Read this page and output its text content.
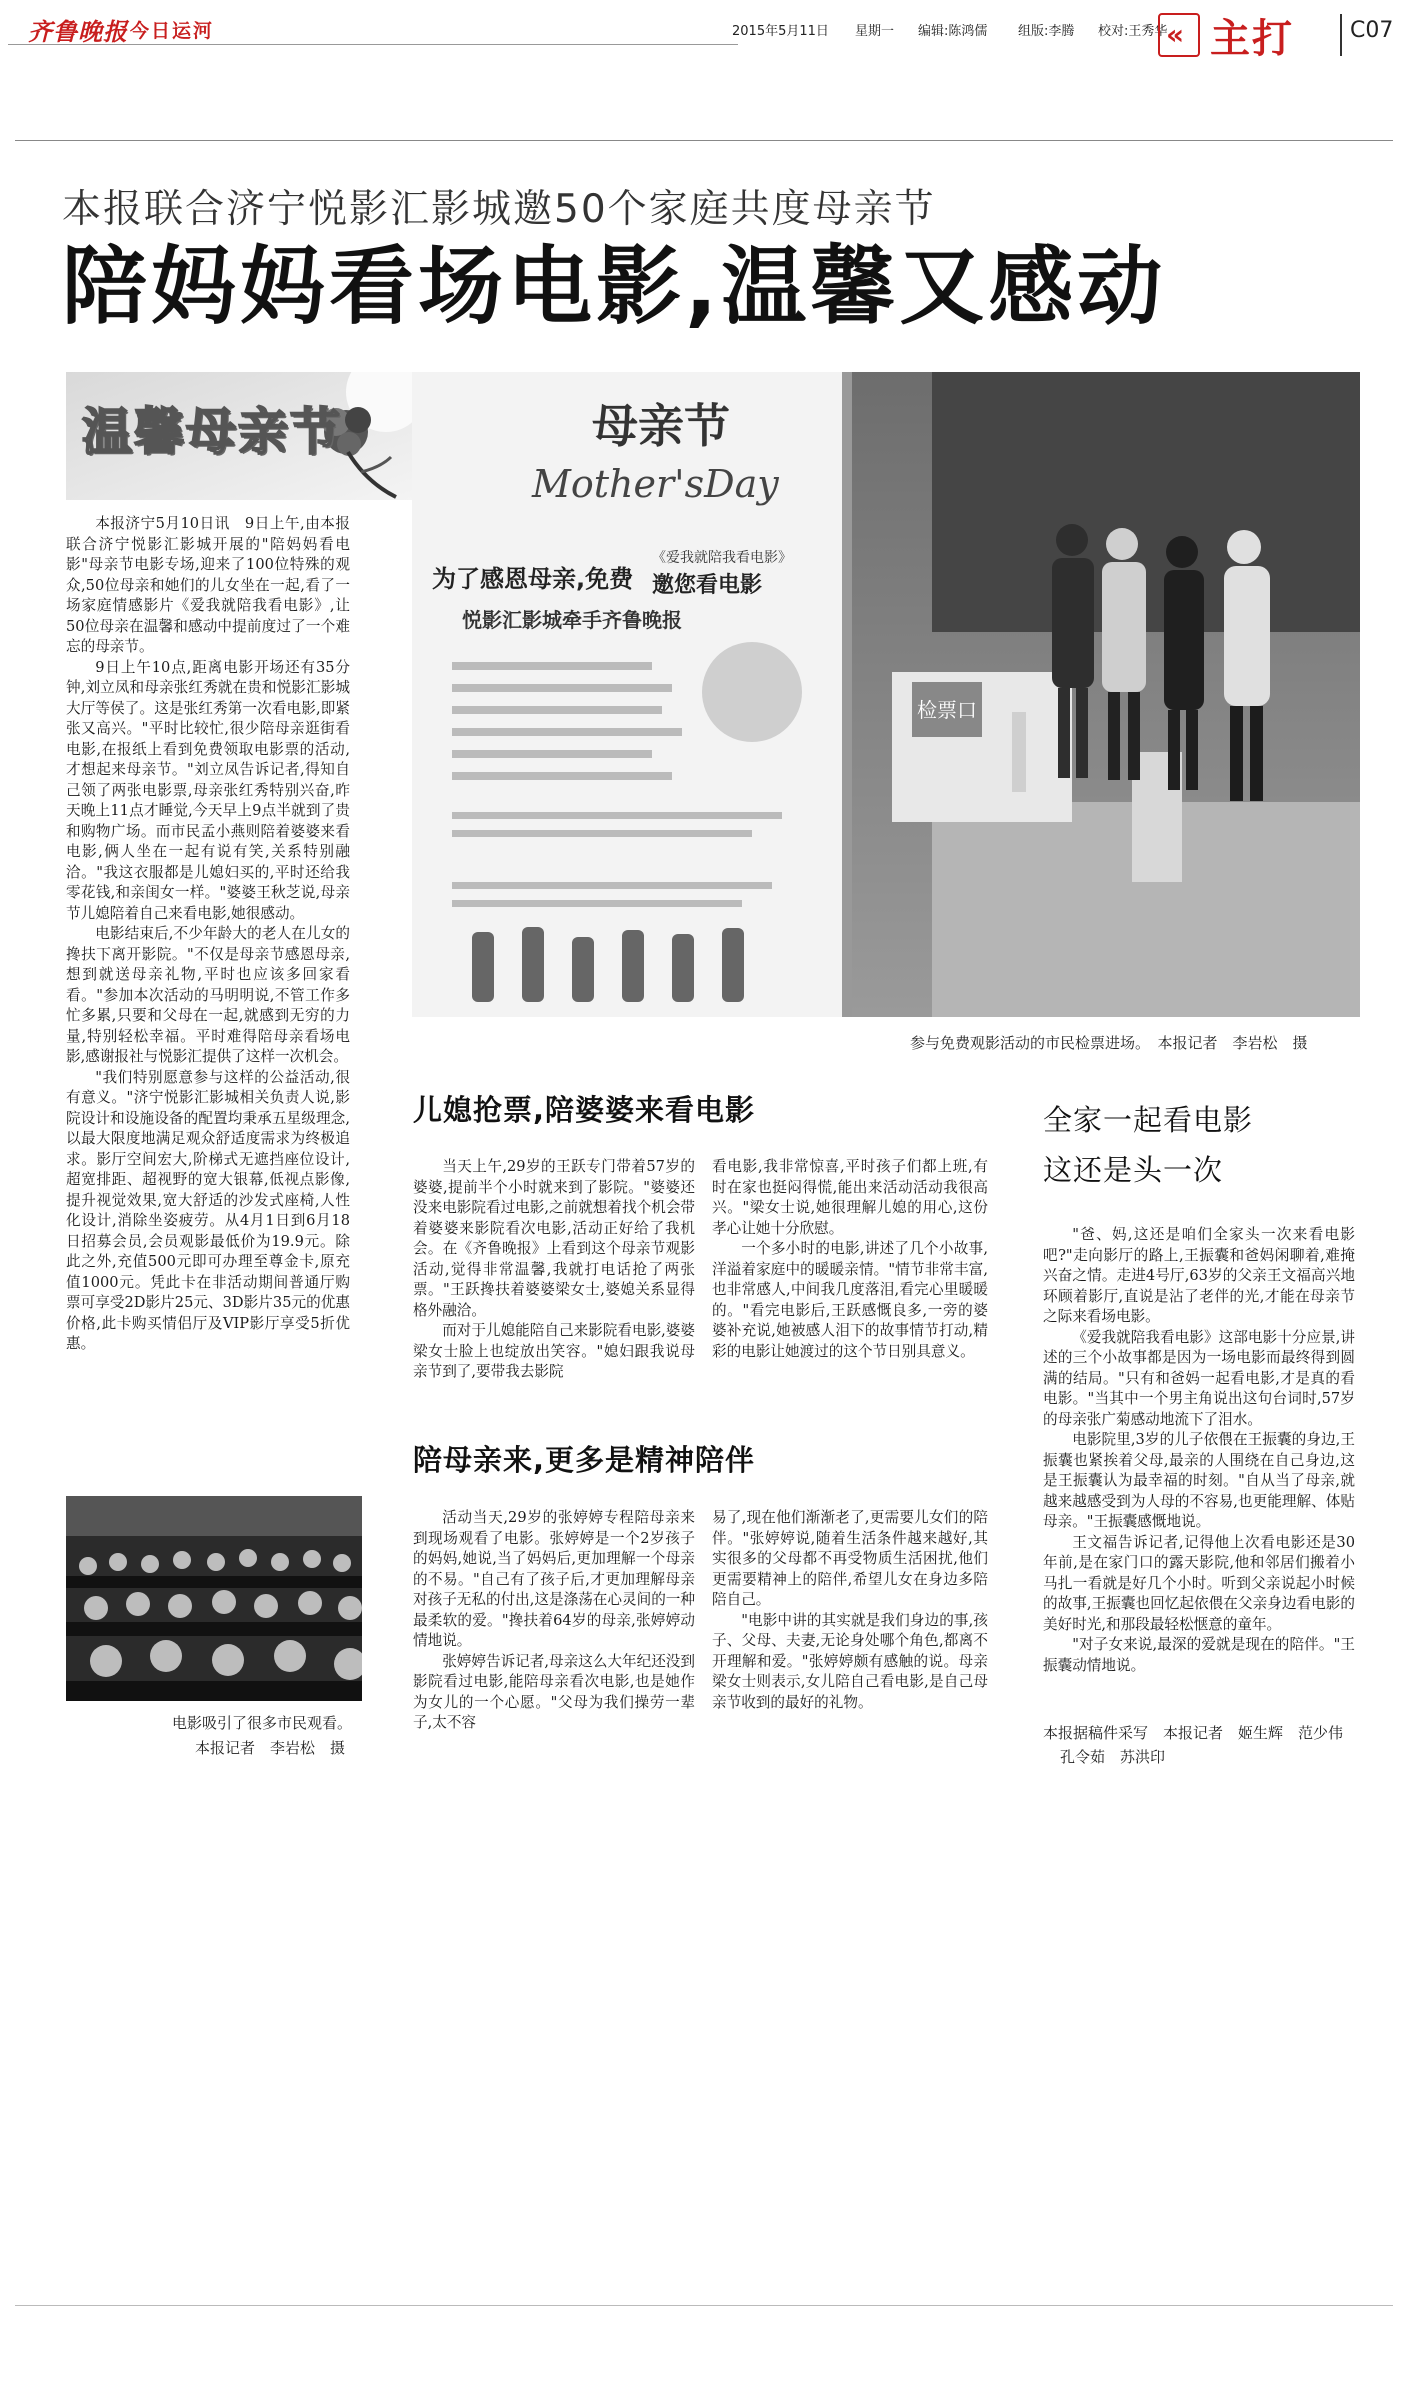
齐鲁晚报 今日运河	2015年5月11日 星期一 编辑:陈鸿儒 组版:李腾 校对:王秀华
« 主打	C07
本报联合济宁悦影汇影城邀50个家庭共度母亲节
陪妈妈看场电影,温馨又感动
温馨母亲节

本报济宁5月10日讯　9日上午,由本报联合济宁悦影汇影城开展的"陪妈妈看电影"母亲节电影专场,迎来了100位特殊的观众,50位母亲和她们的儿女坐在一起,看了一场家庭情感影片《爱我就陪我看电影》,让50位母亲在温馨和感动中提前度过了一个难忘的母亲节。

9日上午10点,距离电影开场还有35分钟,刘立凤和母亲张红秀就在贵和悦影汇影城大厅等侯了。这是张红秀第一次看电影,即紧张又高兴。"平时比较忙,很少陪母亲逛街看电影,在报纸上看到免费领取电影票的活动,才想起来母亲节。"刘立凤告诉记者,得知自己领了两张电影票,母亲张红秀特别兴奋,昨天晚上11点才睡觉,今天早上9点半就到了贵和购物广场。而市民孟小燕则陪着婆婆来看电影,俩人坐在一起有说有笑,关系特别融洽。"我这衣服都是儿媳妇买的,平时还给我零花钱,和亲闺女一样。"婆婆王秋芝说,母亲节儿媳陪着自己来看电影,她很感动。

电影结束后,不少年龄大的老人在儿女的搀扶下离开影院。"不仅是母亲节感恩母亲,想到就送母亲礼物,平时也应该多回家看看。"参加本次活动的马明明说,不管工作多忙多累,只要和父母在一起,就感到无穷的力量,特别轻松幸福。平时难得陪母亲看场电影,感谢报社与悦影汇提供了这样一次机会。

"我们特别愿意参与这样的公益活动,很有意义。"济宁悦影汇影城相关负责人说,影院设计和设施设备的配置均秉承五星级理念,以最大限度地满足观众舒适度需求为终极追求。影厅空间宏大,阶梯式无遮挡座位设计,超宽排距、超视野的宽大银幕,低视点影像,提升视觉效果,宽大舒适的沙发式座椅,人性化设计,消除坐姿疲劳。从4月1日到6月18日招募会员,会员观影最低价为19.9元。除此之外,充值500元即可办理至尊金卡,原充值1000元。凭此卡在非活动期间普通厅购票可享受2D影片25元、3D影片35元的优惠价格,此卡购买情侣厅及VIP影厅享受5折优惠。

电影吸引了很多市民观看。
本报记者　李岩松　摄
检票口
母亲节
Mother'sDay
为了感恩母亲,免费
《爱我就陪我看电影》
邀您看电影
悦影汇影城牵手齐鲁晚报
参与免费观影活动的市民检票进场。　本报记者　李岩松　摄
儿媳抢票,陪婆婆来看电影

当天上午,29岁的王跃专门带着57岁的婆婆,提前半个小时就来到了影院。"婆婆还没来电影院看过电影,之前就想着找个机会带着婆婆来影院看次电影,活动正好给了我机会。在《齐鲁晚报》上看到这个母亲节观影活动,觉得非常温馨,我就打电话抢了两张票。"王跃搀扶着婆婆梁女士,婆媳关系显得格外融洽。

而对于儿媳能陪自己来影院看电影,婆婆梁女士脸上也绽放出笑容。"媳妇跟我说母亲节到了,要带我去影院

看电影,我非常惊喜,平时孩子们都上班,有时在家也挺闷得慌,能出来活动活动我很高兴。"梁女士说,她很理解儿媳的用心,这份孝心让她十分欣慰。

一个多小时的电影,讲述了几个小故事,洋溢着家庭中的暖暖亲情。"情节非常丰富,也非常感人,中间我几度落泪,看完心里暖暖的。"看完电影后,王跃感慨良多,一旁的婆婆补充说,她被感人泪下的故事情节打动,精彩的电影让她渡过的这个节日别具意义。

陪母亲来,更多是精神陪伴

活动当天,29岁的张婷婷专程陪母亲来到现场观看了电影。张婷婷是一个2岁孩子的妈妈,她说,当了妈妈后,更加理解一个母亲的不易。"自己有了孩子后,才更加理解母亲对孩子无私的付出,这是涤荡在心灵间的一种最柔软的爱。"搀扶着64岁的母亲,张婷婷动情地说。

张婷婷告诉记者,母亲这么大年纪还没到影院看过电影,能陪母亲看次电影,也是她作为女儿的一个心愿。"父母为我们操劳一辈子,太不容

易了,现在他们渐渐老了,更需要儿女们的陪伴。"张婷婷说,随着生活条件越来越好,其实很多的父母都不再受物质生活困扰,他们更需要精神上的陪伴,希望儿女在身边多陪陪自己。

"电影中讲的其实就是我们身边的事,孩子、父母、夫妻,无论身处哪个角色,都离不开理解和爱。"张婷婷颇有感触的说。母亲梁女士则表示,女儿陪自己看电影,是自己母亲节收到的最好的礼物。

全家一起看电影
这还是头一次

"爸、妈,这还是咱们全家头一次来看电影吧?"走向影厅的路上,王振囊和爸妈闲聊着,难掩兴奋之情。走进4号厅,63岁的父亲王文福高兴地环顾着影厅,直说是沾了老伴的光,才能在母亲节之际来看场电影。

《爱我就陪我看电影》这部电影十分应景,讲述的三个小故事都是因为一场电影而最终得到圆满的结局。"只有和爸妈一起看电影,才是真的看电影。"当其中一个男主角说出这句台词时,57岁的母亲张广菊感动地流下了泪水。

电影院里,3岁的儿子依偎在王振囊的身边,王振囊也紧挨着父母,最亲的人围绕在自己身边,这是王振囊认为最幸福的时刻。"自从当了母亲,就越来越感受到为人母的不容易,也更能理解、体贴母亲。"王振囊感慨地说。

王文福告诉记者,记得他上次看电影还是30年前,是在家门口的露天影院,他和邻居们搬着小马扎一看就是好几个小时。听到父亲说起小时候的故事,王振囊也回忆起依偎在父亲身边看电影的美好时光,和那段最轻松惬意的童年。

"对子女来说,最深的爱就是现在的陪伴。"王振囊动情地说。

本报据稿件采写　本报记者　姬生辉　范少伟
孔令茹　苏洪印
